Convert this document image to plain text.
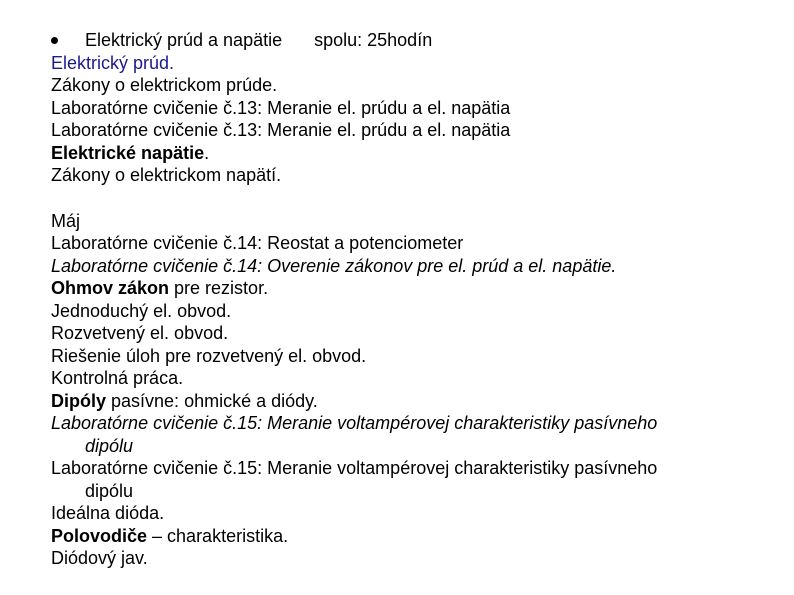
Elektrický prúd a napätie spolu: 25hodín
Elektrický prúd.
Zákony o elektrickom prúde.
Laboratórne cvičenie č.13: Meranie el. prúdu a el. napätia
Laboratórne cvičenie č.13: Meranie el. prúdu a el. napätia
Elektrické napätie.
Zákony o elektrickom napätí.
Máj
Laboratórne cvičenie č.14: Reostat a potenciometer
Laboratórne cvičenie č.14: Overenie zákonov pre el. prúd a el. napätie.
Ohmov zákon pre rezistor.
Jednoduchý el. obvod.
Rozvetvený el. obvod.
Riešenie úloh pre rozvetvený el. obvod.
Kontrolná práca.
Dipóly pasívne: ohmické a diódy.
Laboratórne cvičenie č.15: Meranie voltampérovej charakteristiky pasívneho
dipólu
Laboratórne cvičenie č.15: Meranie voltampérovej charakteristiky pasívneho
dipólu
Ideálna dióda.
Polovodiče – charakteristika.
Diódový jav.
